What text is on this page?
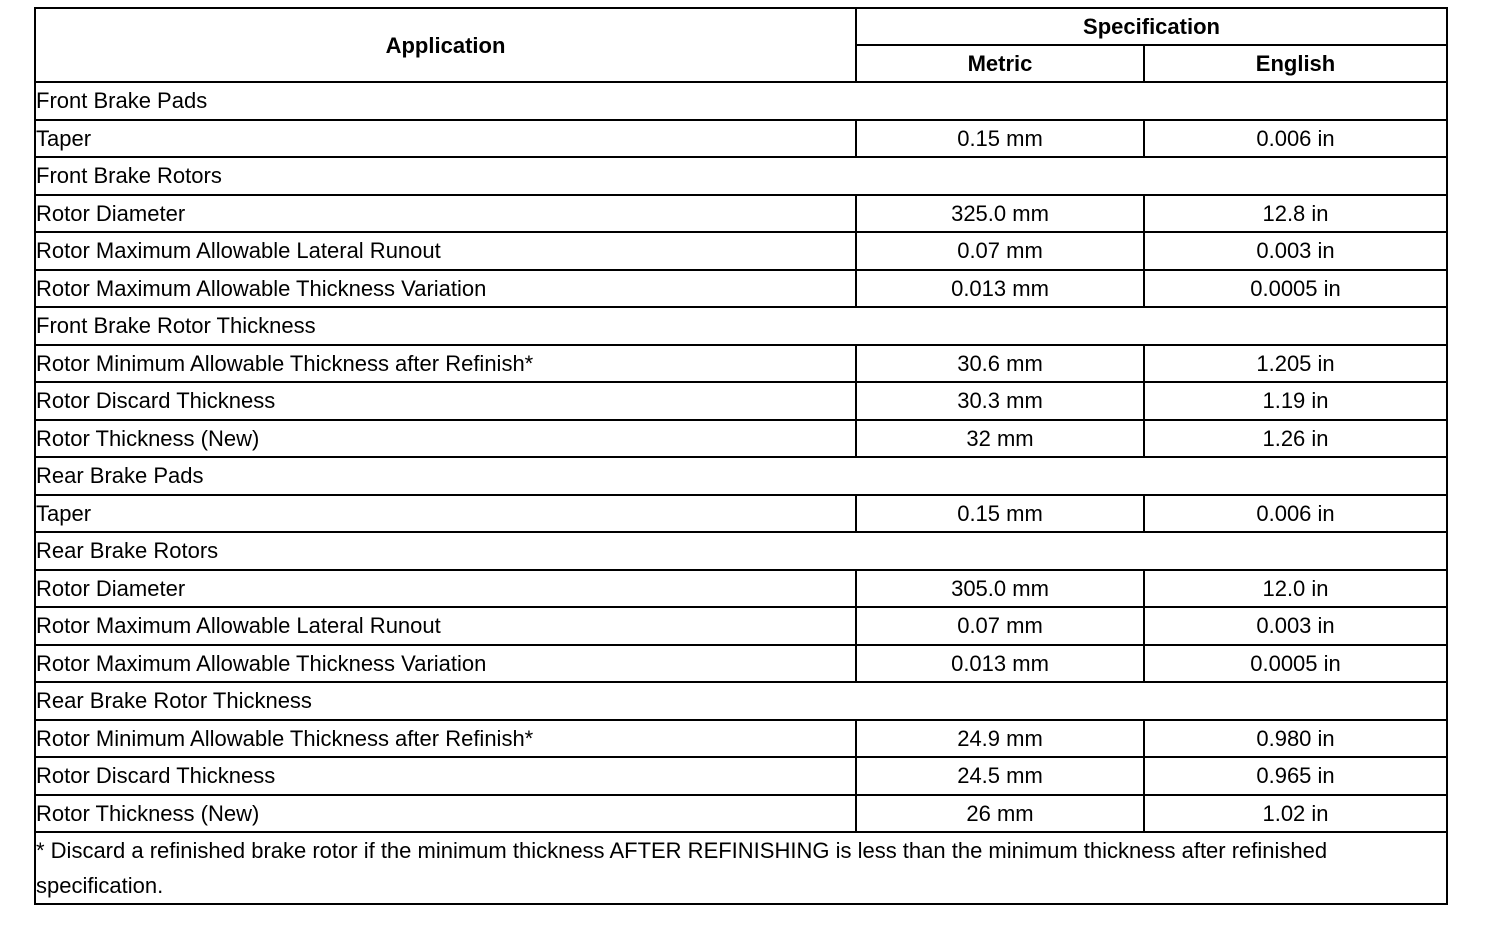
Application	Specification	
	Metric	English
Front Brake Pads		
Taper	0.15 mm	0.006 in
Front Brake Rotors		
Rotor Diameter	325.0 mm	12.8 in
Rotor Maximum Allowable Lateral Runout	0.07 mm	0.003 in
Rotor Maximum Allowable Thickness Variation	0.013 mm	0.0005 in
Front Brake Rotor Thickness		
Rotor Minimum Allowable Thickness after Refinish*	30.6 mm	1.205 in
Rotor Discard Thickness	30.3 mm	1.19 in
Rotor Thickness (New)	32 mm	1.26 in
Rear Brake Pads		
Taper	0.15 mm	0.006 in
Rear Brake Rotors		
Rotor Diameter	305.0 mm	12.0 in
Rotor Maximum Allowable Lateral Runout	0.07 mm	0.003 in
Rotor Maximum Allowable Thickness Variation	0.013 mm	0.0005 in
Rear Brake Rotor Thickness		
Rotor Minimum Allowable Thickness after Refinish*	24.9 mm	0.980 in
Rotor Discard Thickness	24.5 mm	0.965 in
Rotor Thickness (New)	26 mm	1.02 in
* Discard a refinished brake rotor if the minimum thickness AFTER REFINISHING is less than the minimum thickness after refinished specification.		
